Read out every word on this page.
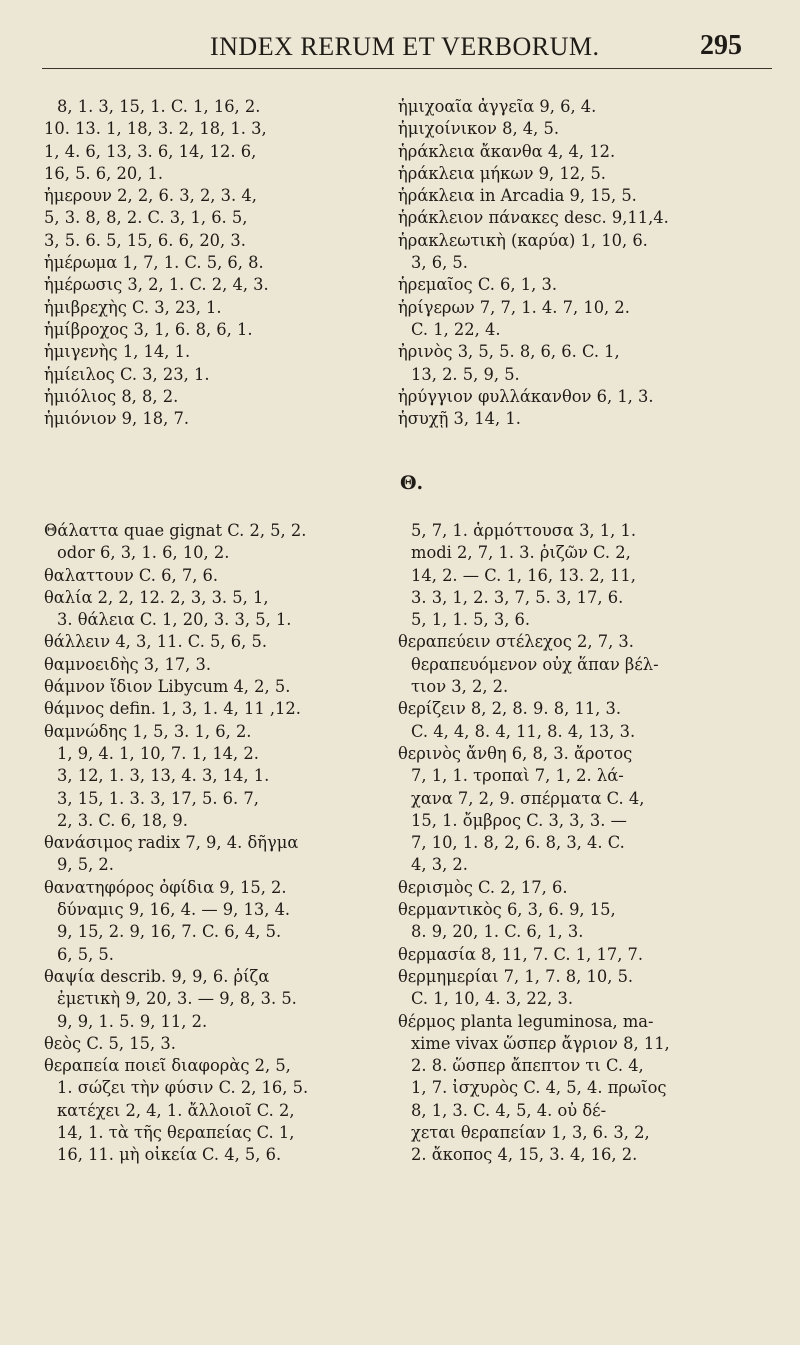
INDEX RERUM ET VERBORUM.	295
8, 1. 3, 15, 1. C. 1, 16, 2.
10. 13. 1, 18, 3. 2, 18, 1. 3,
1, 4. 6, 13, 3. 6, 14, 12. 6,
16, 5. 6, 20, 1.
ἡμερουν 2, 2, 6. 3, 2, 3. 4,
5, 3. 8, 8, 2. C. 3, 1, 6. 5,
3, 5. 6. 5, 15, 6. 6, 20, 3.
ἡμέρωμα 1, 7, 1. C. 5, 6, 8.
ἡμέρωσις 3, 2, 1. C. 2, 4, 3.
ἡμιβρεχὴς C. 3, 23, 1.
ἡμίβροχος 3, 1, 6. 8, 6, 1.
ἡμιγενὴς 1, 14, 1.
ἡμίειλος C. 3, 23, 1.
ἡμιόλιος 8, 8, 2.
ἡμιόνιον 9, 18, 7.
ἡμιχοαῖα ἀγγεῖα 9, 6, 4.
ἡμιχοίνικον 8, 4, 5.
ἡράκλεια ἄκανθα 4, 4, 12.
ἡράκλεια μήκων 9, 12, 5.
ἡράκλεια in Arcadia 9, 15, 5.
ἡράκλειον πάνακες desc. 9,11,4.
ἡρακλεωτικὴ (καρύα) 1, 10, 6.
3, 6, 5.
ἡρεμαῖος C. 6, 1, 3.
ἡρίγερων 7, 7, 1. 4. 7, 10, 2.
C. 1, 22, 4.
ἠρινὸς 3, 5, 5. 8, 6, 6. C. 1,
13, 2. 5, 9, 5.
ἠρύγγιον φυλλάκανθον 6, 1, 3.
ἡσυχῇ 3, 14, 1.
Θ.
Θάλαττα quae gignat C. 2, 5, 2.
odor 6, 3, 1. 6, 10, 2.
θαλαττουν C. 6, 7, 6.
θαλία 2, 2, 12. 2, 3, 3. 5, 1,
3. θάλεια C. 1, 20, 3. 3, 5, 1.
θάλλειν 4, 3, 11. C. 5, 6, 5.
θαμνοειδὴς 3, 17, 3.
θάμνον ἴδιον Libycum 4, 2, 5.
θάμνος defin. 1, 3, 1. 4, 11 ,12.
θαμνώδης 1, 5, 3. 1, 6, 2.
1, 9, 4. 1, 10, 7. 1, 14, 2.
3, 12, 1. 3, 13, 4. 3, 14, 1.
3, 15, 1. 3. 3, 17, 5. 6. 7,
2, 3. C. 6, 18, 9.
θανάσιμος radix 7, 9, 4. δῆγμα
9, 5, 2.
θανατηφόρος ὀφίδια 9, 15, 2.
δύναμις 9, 16, 4. — 9, 13, 4.
9, 15, 2. 9, 16, 7. C. 6, 4, 5.
6, 5, 5.
θαψία describ. 9, 9, 6. ῥίζα
ἐμετικὴ 9, 20, 3. — 9, 8, 3. 5.
9, 9, 1. 5. 9, 11, 2.
θεὸς C. 5, 15, 3.
θεραπεία ποιεῖ διαφορὰς 2, 5,
1. σώζει τὴν φύσιν C. 2, 16, 5.
κατέχει 2, 4, 1. ἄλλοιοῖ C. 2,
14, 1. τὰ τῆς θεραπείας C. 1,
16, 11. μὴ οἰκεία C. 4, 5, 6.
5, 7, 1. ἁρμόττουσα 3, 1, 1.
modi 2, 7, 1. 3. ῥιζῶν C. 2,
14, 2. — C. 1, 16, 13. 2, 11,
3. 3, 1, 2. 3, 7, 5. 3, 17, 6.
5, 1, 1. 5, 3, 6.
θεραπεύειν στέλεχος 2, 7, 3.
θεραπευόμενον οὐχ ἅπαν βέλ-
τιον 3, 2, 2.
θερίζειν 8, 2, 8. 9. 8, 11, 3.
C. 4, 4, 8. 4, 11, 8. 4, 13, 3.
θερινὸς ἄνθη 6, 8, 3. ἄροτος
7, 1, 1. τροπαὶ 7, 1, 2. λά-
χανα 7, 2, 9. σπέρματα C. 4,
15, 1. ὄμβρος C. 3, 3, 3. —
7, 10, 1. 8, 2, 6. 8, 3, 4. C.
4, 3, 2.
θερισμὸς C. 2, 17, 6.
θερμαντικὸς 6, 3, 6. 9, 15,
8. 9, 20, 1. C. 6, 1, 3.
θερμασία 8, 11, 7. C. 1, 17, 7.
θερμημερίαι 7, 1, 7. 8, 10, 5.
C. 1, 10, 4. 3, 22, 3.
θέρμος planta leguminosa, ma-
xime vivax ὥσπερ ἄγριον 8, 11,
2. 8. ὥσπερ ἄπεπτον τι C. 4,
1, 7. ἰσχυρὸς C. 4, 5, 4. πρωῖος
8, 1, 3. C. 4, 5, 4. οὐ δέ-
χεται θεραπείαν 1, 3, 6. 3, 2,
2. ἄκοπος 4, 15, 3. 4, 16, 2.
